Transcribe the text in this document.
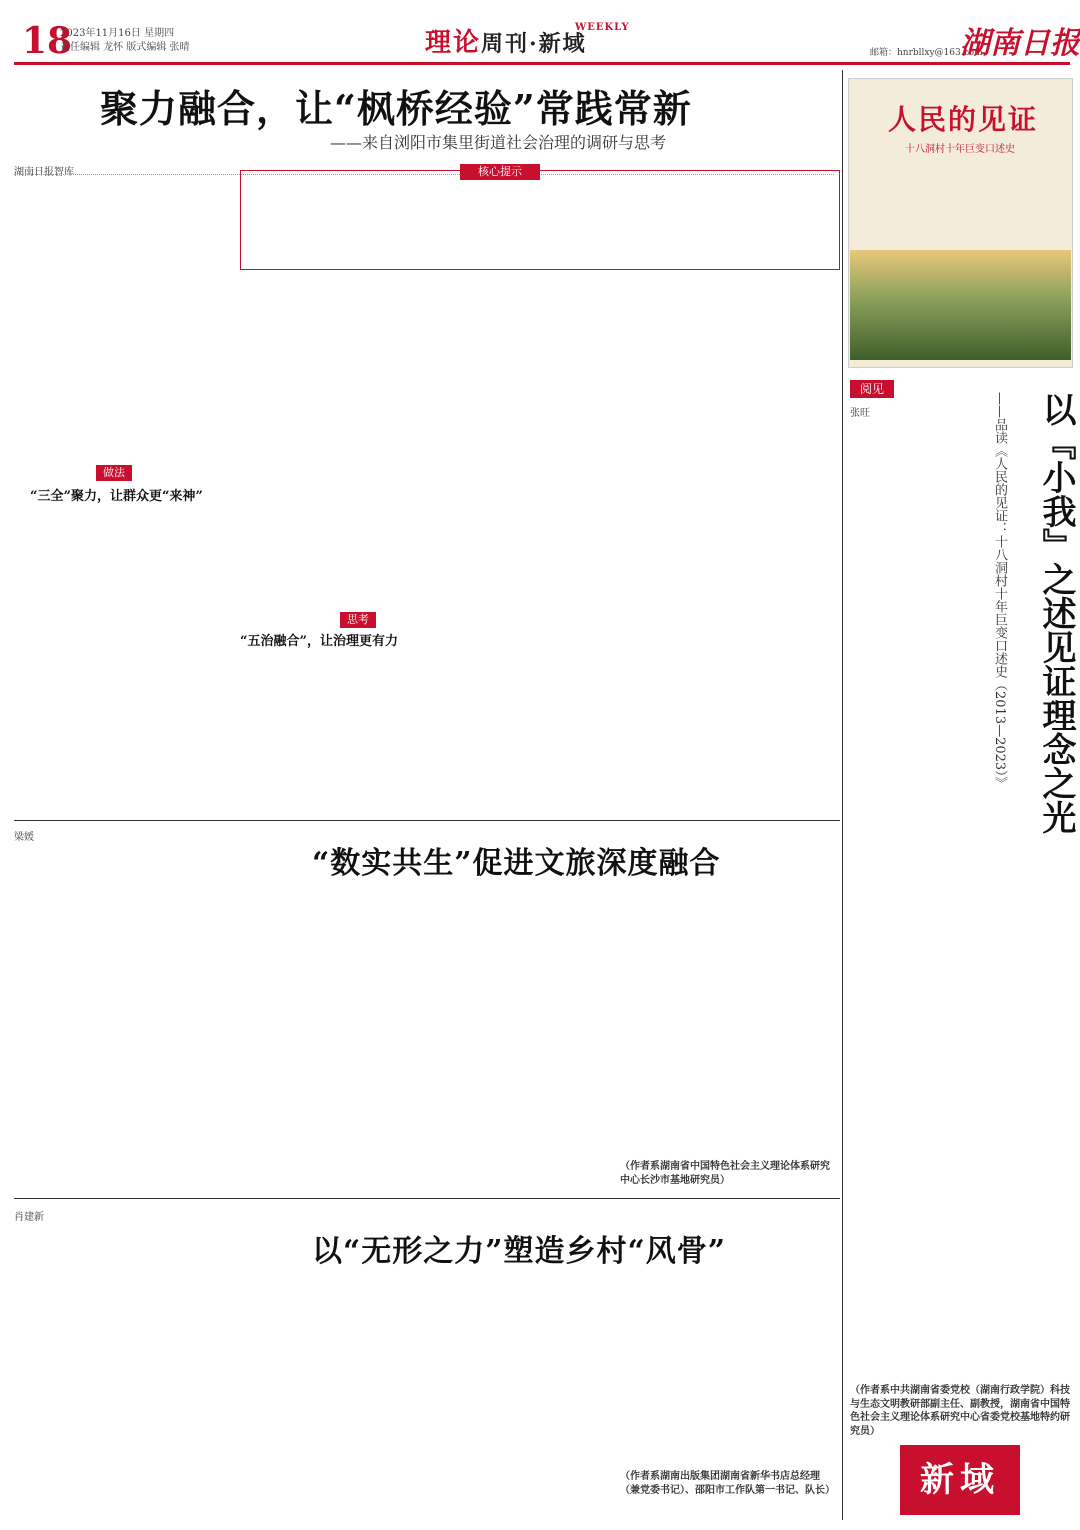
18
2023年11月16日 星期四
责任编辑 龙怀 版式编辑 张晴	理论周刊·新域
WEEKLY
邮箱：hnrbllxy@163.com
湖南日报
聚力融合，让“枫桥经验”常践常新
——来自浏阳市集里街道社会治理的调研与思考
湖南日报智库	核心提示
做法
“三全”聚力，让群众更“来神”
思考
“五治融合”，让治理更有力
梁媛
“数实共生”促进文旅深度融合
（作者系湖南省中国特色社会主义理论体系研究中心长沙市基地研究员）
肖建新
以“无形之力”塑造乡村“风骨”
（作者系湖南出版集团湖南省新华书店总经理（兼党委书记）、邵阳市工作队第一书记、队长）
人民的见证
十八洞村十年巨变口述史
阅见
张旺	以『小我』之述见证理念之光
——品读《人民的见证：十八洞村十年巨变口述史（2013—2023）》
（作者系中共湖南省委党校（湖南行政学院）科技与生态文明教研部副主任、副教授，湖南省中国特色社会主义理论体系研究中心省委党校基地特约研究员）
新域
